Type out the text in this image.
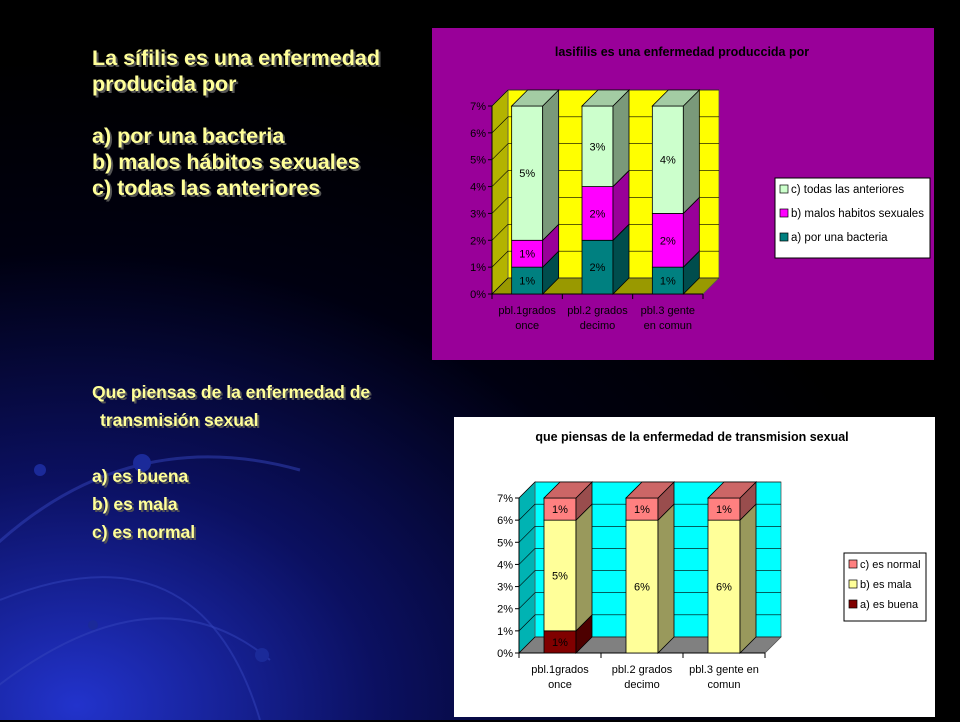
La sífilis es una enfermedad
producida por

a) por una bacteria
b) malos hábitos sexuales
c) todas las anteriores
Que piensas de la enfermedad de
transmisión sexual

a) es buena
b) es mala
c) es normal
lasifilis es una enfermedad produccida por
0%
1%
2%
3%
4%
5%
6%
7%
1%
1%
5%
pbl.1grados
once
2%
2%
3%
pbl.2 grados
decimo
1%
2%
4%
pbl.3 gente
en comun
c) todas las anteriores
b) malos habitos sexuales
a) por una bacteria
que piensas de la enfermedad de transmision sexual
0%
1%
2%
3%
4%
5%
6%
7%
1%
5%
1%
pbl.1grados
once
6%
1%
pbl.2 grados
decimo
6%
1%
pbl.3 gente en
comun
c) es normal
b) es mala
a) es buena
